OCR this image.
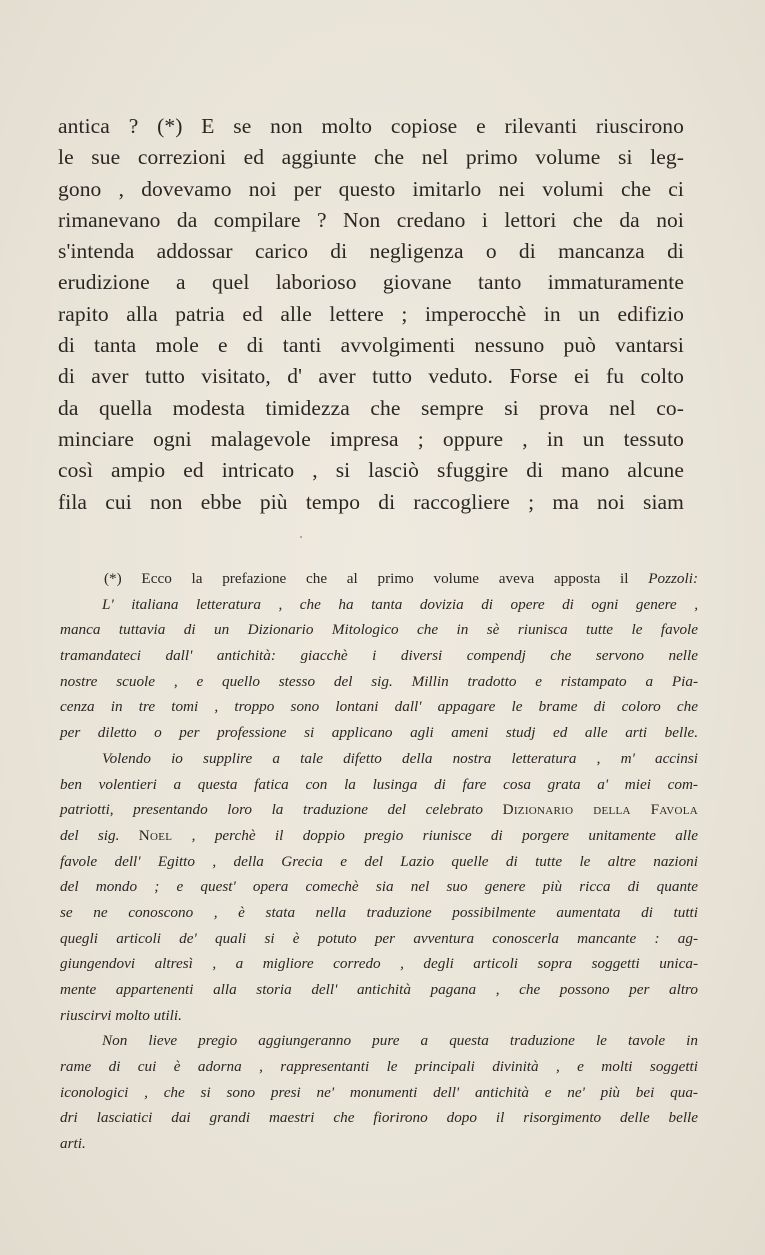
antica ? (*) E se non molto copiose e rilevanti riuscirono
le sue correzioni ed aggiunte che nel primo volume si leg-
gono , dovevamo noi per questo imitarlo nei volumi che ci
rimanevano da compilare ? Non credano i lettori che da noi
s'intenda addossar carico di negligenza o di mancanza di
erudizione a quel laborioso giovane tanto immaturamente
rapito alla patria ed alle lettere ; imperocchè in un edifizio
di tanta mole e di tanti avvolgimenti nessuno può vantarsi
di aver tutto visitato, d' aver tutto veduto. Forse ei fu colto
da quella modesta timidezza che sempre si prova nel co-
minciare ogni malagevole impresa ; oppure , in un tessuto
così ampio ed intricato , si lasciò sfuggire di mano alcune
fila cui non ebbe più tempo di raccogliere ; ma noi siam
(*) Ecco la prefazione che al primo volume aveva apposta il Pozzoli:
L' italiana letteratura , che ha tanta dovizia di opere di ogni genere ,
manca tuttavia di un Dizionario Mitologico che in sè riunisca tutte le favole
tramandateci dall' antichità: giacchè i diversi compendj che servono nelle
nostre scuole , e quello stesso del sig. Millin tradotto e ristampato a Pia-
cenza in tre tomi , troppo sono lontani dall' appagare le brame di coloro che
per diletto o per professione si applicano agli ameni studj ed alle arti belle.
Volendo io supplire a tale difetto della nostra letteratura , m' accinsi
ben volentieri a questa fatica con la lusinga di fare cosa grata a' miei com-
patriotti, presentando loro la traduzione del celebrato Dizionario della Favola
del sig. Noel , perchè il doppio pregio riunisce di porgere unitamente alle
favole dell' Egitto , della Grecia e del Lazio quelle di tutte le altre nazioni
del mondo ; e quest' opera comechè sia nel suo genere più ricca di quante
se ne conoscono , è stata nella traduzione possibilmente aumentata di tutti
quegli articoli de' quali si è potuto per avventura conoscerla mancante : ag-
giungendovi altresì , a migliore corredo , degli articoli sopra soggetti unica-
mente appartenenti alla storia dell' antichità pagana , che possono per altro
riuscirvi molto utili.
Non lieve pregio aggiungeranno pure a questa traduzione le tavole in
rame di cui è adorna , rappresentanti le principali divinità , e molti soggetti
iconologici , che si sono presi ne' monumenti dell' antichità e ne' più bei qua-
dri lasciatici dai grandi maestri che fiorirono dopo il risorgimento delle belle
arti.
